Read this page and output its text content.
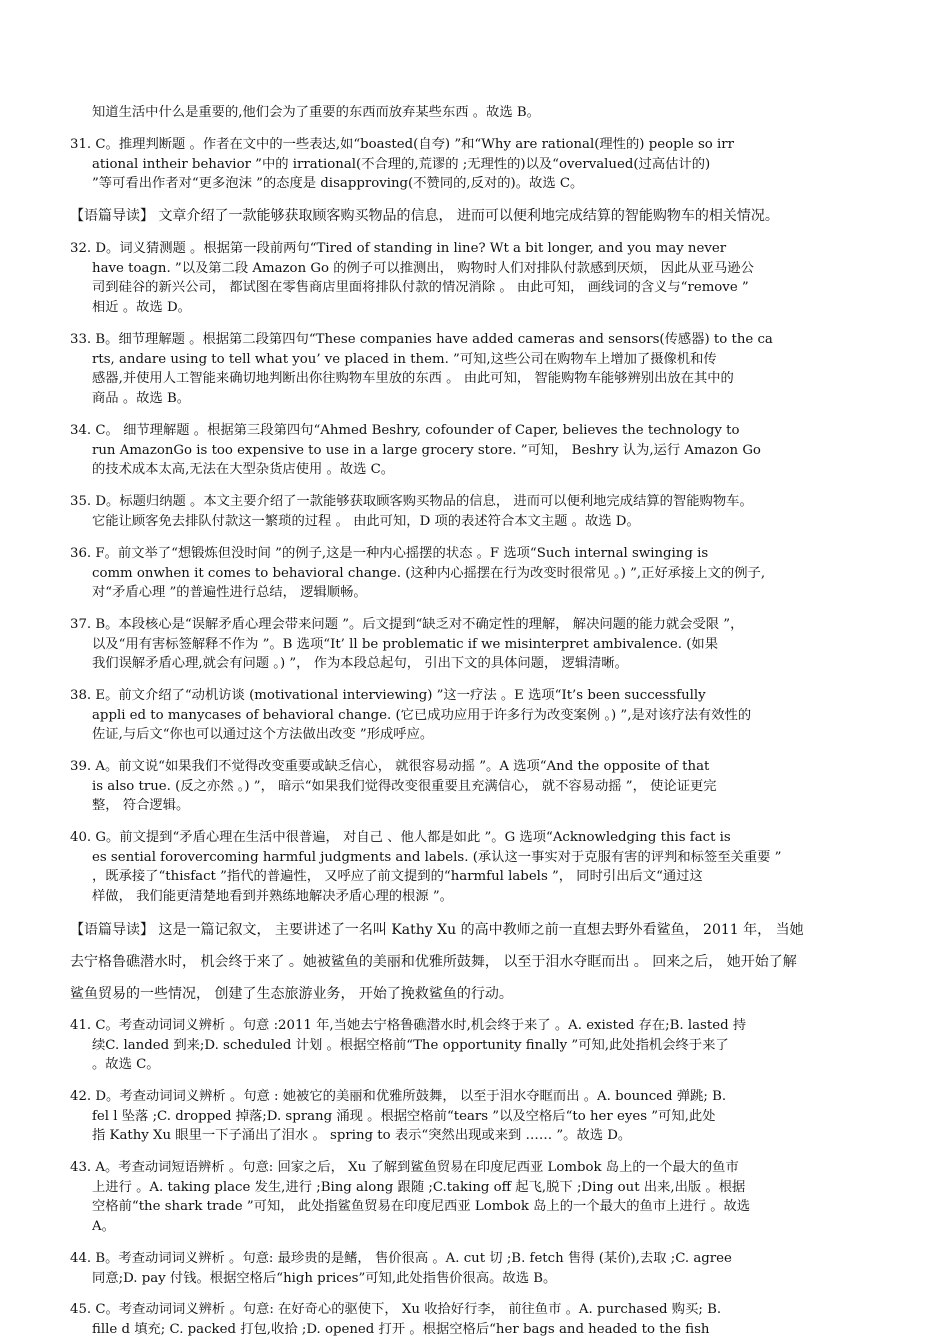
知道生活中什么是重要的,他们会为了重要的东西而放弃某些东西 。故选 B。
31. C。推理判断题 。作者在文中的一些表达,如“boasted(自夸) ”和“Why are rational(理性的) people so irr
ational intheir behavior ”中的 irrational(不合理的,荒谬的 ;无理性的)以及“overvalued(过高估计的)
”等可看出作者对“更多泡沫 ”的态度是 disapproving(不赞同的,反对的)。故选 C。
【语篇导读】 文章介绍了一款能够获取顾客购买物品的信息， 进而可以便利地完成结算的智能购物车的相关情况。
32. D。词义猜测题 。根据第一段前两句“Tired of standing in line? Wt a bit longer, and you may never
have toagn. ”以及第二段 Amazon Go 的例子可以推测出， 购物时人们对排队付款感到厌烦， 因此从亚马逊公
司到硅谷的新兴公司， 都试图在零售商店里面将排队付款的情况消除 。 由此可知， 画线词的含义与“remove ”
相近 。故选 D。
33. B。细节理解题 。根据第二段第四句“These companies have added cameras and sensors(传感器) to the ca
rts, andare using to tell what you’ ve placed in them. ”可知,这些公司在购物车上增加了摄像机和传
感器,并使用人工智能来确切地判断出你往购物车里放的东西 。 由此可知， 智能购物车能够辨别出放在其中的
商品 。故选 B。
34. C。 细节理解题 。根据第三段第四句“Ahmed Beshry, cofounder of Caper, believes the technology to
run AmazonGo is too expensive to use in a large grocery store. ”可知， Beshry 认为,运行 Amazon Go
的技术成本太高,无法在大型杂货店使用 。故选 C。
35. D。标题归纳题 。本文主要介绍了一款能够获取顾客购买物品的信息， 进而可以便利地完成结算的智能购物车。
它能让顾客免去排队付款这一繁琐的过程 。 由此可知，D 项的表述符合本文主题 。故选 D。
36. F。前文举了“想锻炼但没时间 ”的例子,这是一种内心摇摆的状态 。F 选项“Such internal swinging is
comm onwhen it comes to behavioral change. (这种内心摇摆在行为改变时很常见 。) ”,正好承接上文的例子,
对“矛盾心理 ”的普遍性进行总结， 逻辑顺畅。
37. B。本段核心是“误解矛盾心理会带来问题 ”。后文提到“缺乏对不确定性的理解， 解决问题的能力就会受限 ”，
以及“用有害标签解释不作为 ”。B 选项“It’ ll be problematic if we misinterpret ambivalence. (如果
我们误解矛盾心理,就会有问题 。) ”， 作为本段总起句， 引出下文的具体问题， 逻辑清晰。
38. E。前文介绍了“动机访谈 (motivational interviewing) ”这一疗法 。E 选项“It’s been successfully
appli ed to manycases of behavioral change. (它已成功应用于许多行为改变案例 。) ”,是对该疗法有效性的
佐证,与后文“你也可以通过这个方法做出改变 ”形成呼应。
39. A。前文说“如果我们不觉得改变重要或缺乏信心， 就很容易动摇 ”。A 选项“And the opposite of that
is also true. (反之亦然 。) ”， 暗示“如果我们觉得改变很重要且充满信心， 就不容易动摇 ”， 使论证更完
整， 符合逻辑。
40. G。前文提到“矛盾心理在生活中很普遍， 对自己 、他人都是如此 ”。G 选项“Acknowledging this fact is
es sential forovercoming harmful judgments and labels. (承认这一事实对于克服有害的评判和标签至关重要 ”
，既承接了“thisfact ”指代的普遍性， 又呼应了前文提到的“harmful labels ”， 同时引出后文“通过这
样做， 我们能更清楚地看到并熟练地解决矛盾心理的根源 ”。
【语篇导读】 这是一篇记叙文， 主要讲述了一名叫 Kathy Xu 的高中教师之前一直想去野外看鲨鱼， 2011 年， 当她
去宁格鲁礁潜水时， 机会终于来了 。她被鲨鱼的美丽和优雅所鼓舞， 以至于泪水夺眶而出 。 回来之后， 她开始了解
鲨鱼贸易的一些情况， 创建了生态旅游业务， 开始了挽救鲨鱼的行动。
41. C。考查动词词义辨析 。句意 :2011 年,当她去宁格鲁礁潜水时,机会终于来了 。A. existed 存在;B. lasted 持
续C. landed 到来;D. scheduled 计划 。根据空格前“The opportunity finally ”可知,此处指机会终于来了
。故选 C。
42. D。考查动词词义辨析 。句意 : 她被它的美丽和优雅所鼓舞， 以至于泪水夺眶而出 。A. bounced 弹跳; B.
fel l 坠落 ;C. dropped 掉落;D. sprang 涌现 。根据空格前“tears ”以及空格后“to her eyes ”可知,此处
指 Kathy Xu 眼里一下子涌出了泪水 。 spring to 表示“突然出现或来到 …… ”。故选 D。
43. A。考查动词短语辨析 。句意: 回家之后， Xu 了解到鲨鱼贸易在印度尼西亚 Lombok 岛上的一个最大的鱼市
上进行 。A. taking place 发生,进行 ;Bing along 跟随 ;C.taking off 起飞,脱下 ;Ding out 出来,出版 。根据
空格前“the shark trade ”可知， 此处指鲨鱼贸易在印度尼西亚 Lombok 岛上的一个最大的鱼市上进行 。故选
A。
44. B。考查动词词义辨析 。句意: 最珍贵的是鳍， 售价很高 。A. cut 切 ;B. fetch 售得 (某价),去取 ;C. agree
同意;D. pay 付钱。根据空格后“high prices”可知,此处指售价很高。故选 B。
45. C。考查动词词义辨析 。句意: 在好奇心的驱使下， Xu 收拾好行李， 前往鱼市 。A. purchased 购买; B.
fille d 填充; C. packed 打包,收拾 ;D. opened 打开 。根据空格后“her bags and headed to the fish
